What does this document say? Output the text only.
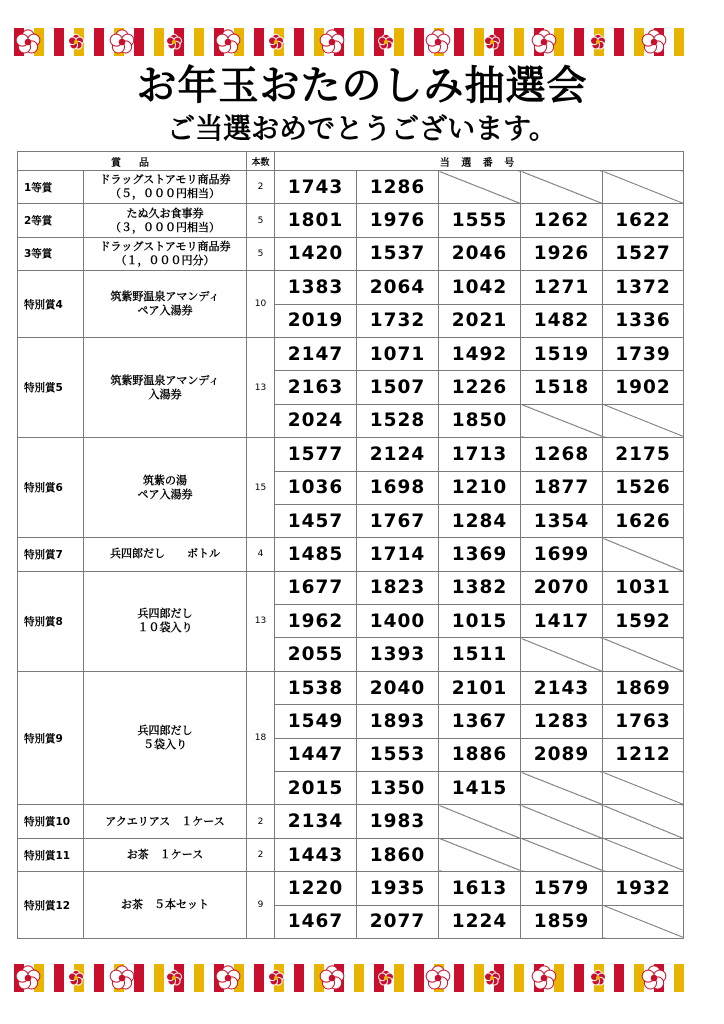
お年玉おたのしみ抽選会
ご当選おめでとうございます。
賞　品		本数	当 選 番 号				
1等賞	ドラッグストアモリ商品券
（５，０００円相当）	2	1743	1286			
2等賞	たぬ久お食事券
（３，０００円相当）	5	1801	1976	1555	1262	1622
3等賞	ドラッグストアモリ商品券
（１，０００円分）	5	1420	1537	2046	1926	1527
特別賞4	筑紫野温泉アマンディ
ペア入湯券	10	1383	2064	1042	1271	1372
			2019	1732	2021	1482	1336
特別賞5	筑紫野温泉アマンディ
入湯券	13	2147	1071	1492	1519	1739
			2163	1507	1226	1518	1902
			2024	1528	1850		
特別賞6	筑紫の湯
ペア入湯券	15	1577	2124	1713	1268	2175
			1036	1698	1210	1877	1526
			1457	1767	1284	1354	1626
特別賞7	兵四郎だし　　ボトル	4	1485	1714	1369	1699	
特別賞8	兵四郎だし
１０袋入り	13	1677	1823	1382	2070	1031
			1962	1400	1015	1417	1592
			2055	1393	1511		
特別賞9	兵四郎だし
５袋入り	18	1538	2040	2101	2143	1869
			1549	1893	1367	1283	1763
			1447	1553	1886	2089	1212
			2015	1350	1415		
特別賞10	アクエリアス　１ケース	2	2134	1983			
特別賞11	お茶　１ケース	2	1443	1860			
特別賞12	お茶　５本セット	9	1220	1935	1613	1579	1932
			1467	2077	1224	1859	
